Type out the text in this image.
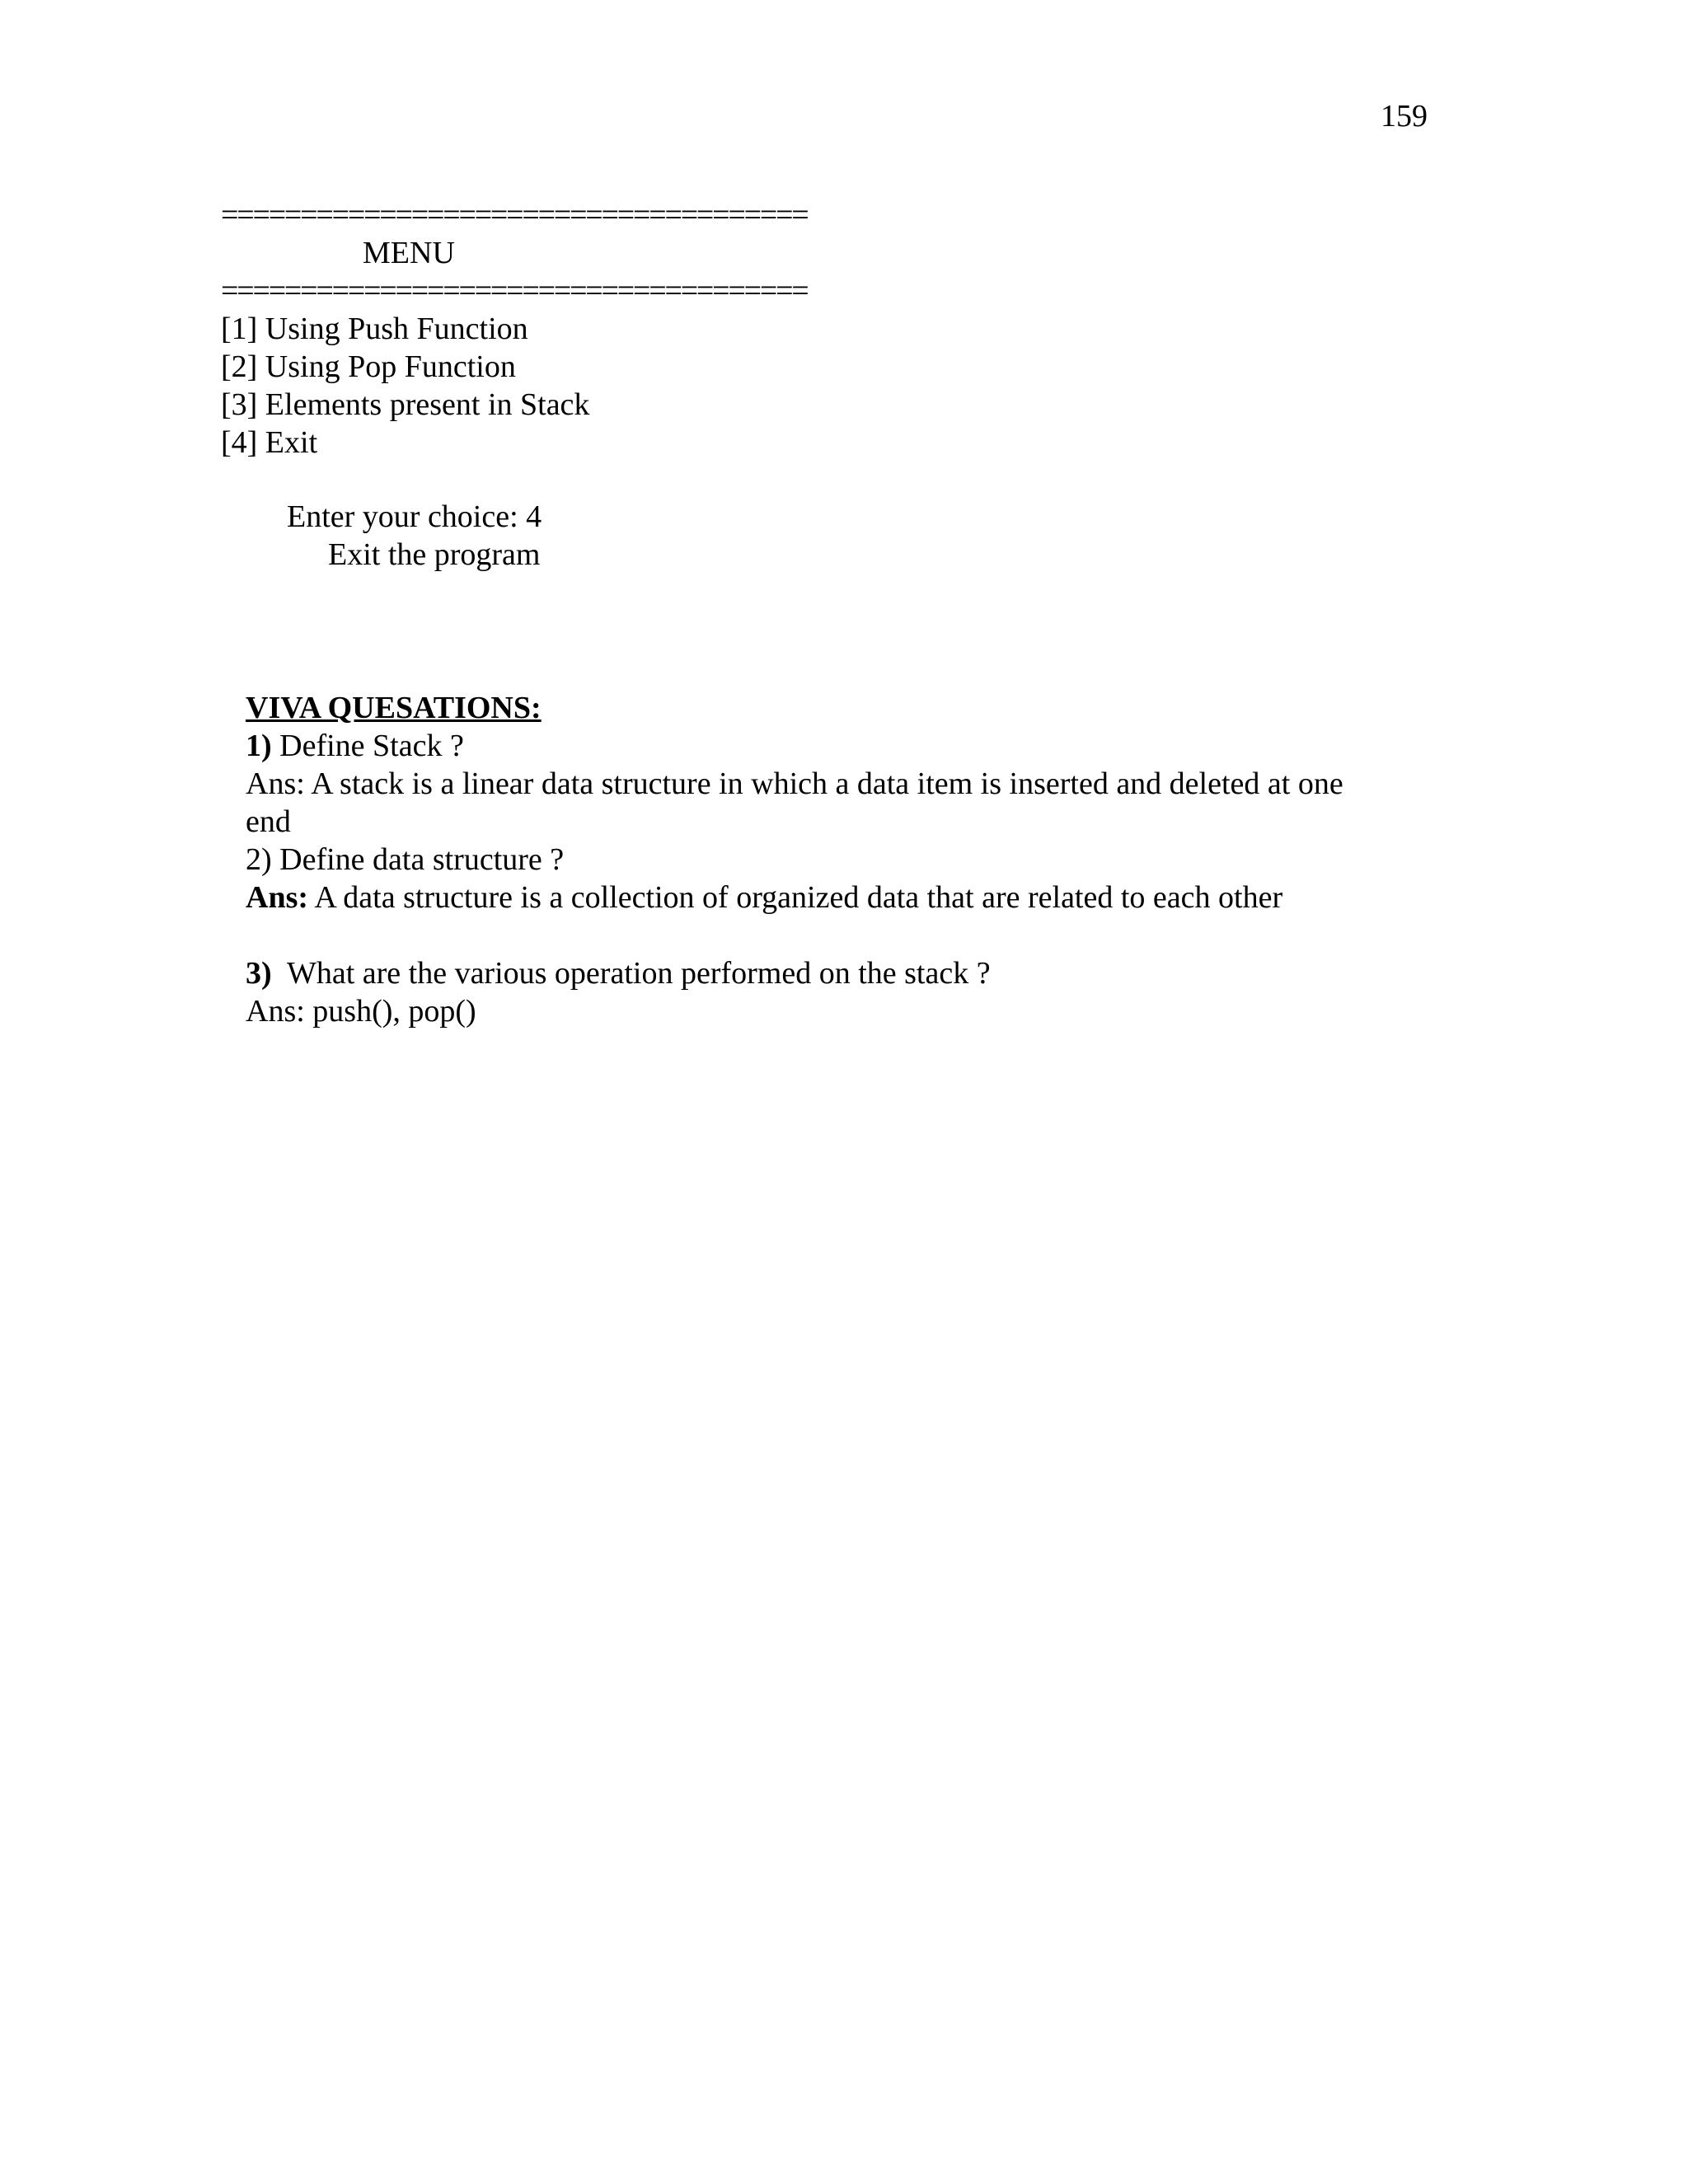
159
=====================================
MENU
=====================================
[1] Using Push Function
[2] Using Pop Function
[3] Elements present in Stack
[4] Exit
Enter your choice: 4
Exit the program
VIVA QUESATIONS:
1) Define Stack ?
Ans: A stack is a linear data structure in which a data item is inserted and deleted at one
end
2) Define data structure ?
Ans: A data structure is a collection of organized data that are related to each other
3)  What are the various operation performed on the stack ?
Ans: push(), pop()
